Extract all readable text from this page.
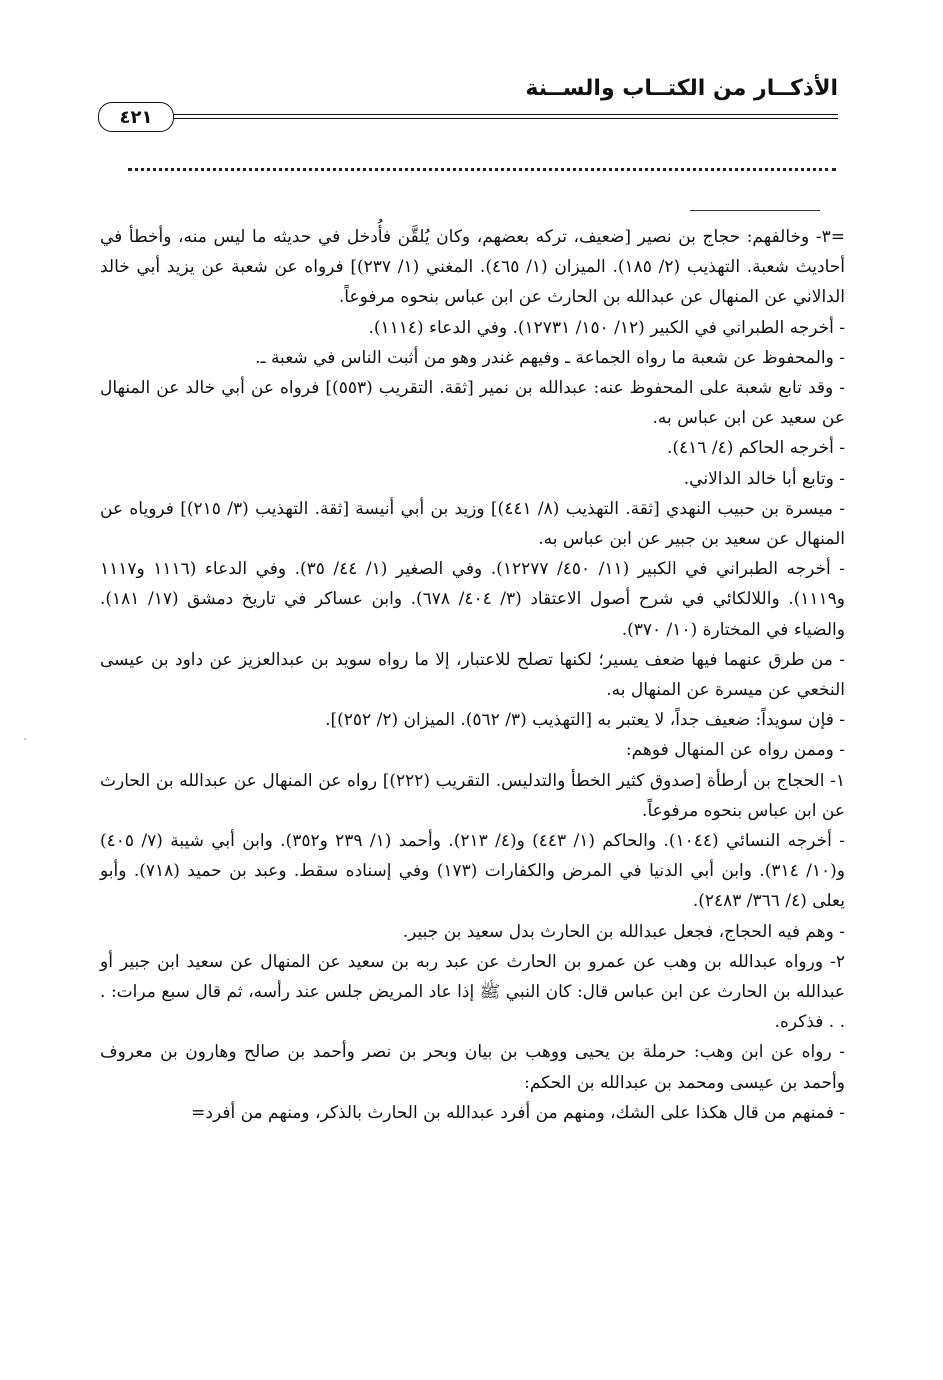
الأذكــار من الكتــاب والســنة
٤٢١

=٣- وخالفهم: حجاج بن نصير [ضعيف، تركه بعضهم، وكان يُلقَّن فأُدخل في حديثه ما ليس منه، وأخطأ في أحاديث شعبة. التهذيب (٢/ ١٨٥). الميزان (١/ ٤٦٥). المغني (١/ ٢٣٧)] فرواه عن شعبة عن يزيد أبي خالد الدالاني عن المنهال عن عبدالله بن الحارث عن ابن عباس بنحوه مرفوعاً.

- أخرجه الطبراني في الكبير (١٢/ ١٥٠/ ١٢٧٣١). وفي الدعاء (١١١٤).

- والمحفوظ عن شعبة ما رواه الجماعة ـ وفيهم غندر وهو من أثبت الناس في شعبة ـ.

- وقد تابع شعبة على المحفوظ عنه: عبدالله بن نمير [ثقة. التقريب (٥٥٣)] فرواه عن أبي خالد عن المنهال عن سعيد عن ابن عباس به.

- أخرجه الحاكم (٤/ ٤١٦).

- وتابع أبا خالد الدالاني.

- ميسرة بن حبيب النهدي [ثقة. التهذيب (٨/ ٤٤١)] وزيد بن أبي أنيسة [ثقة. التهذيب (٣/ ٢١٥)] فروياه عن المنهال عن سعيد بن جبير عن ابن عباس به.

- أخرجه الطبراني في الكبير (١١/ ٤٥٠/ ١٢٢٧٧). وفي الصغير (١/ ٤٤/ ٣٥). وفي الدعاء (١١١٦ و١١١٧ و١١١٩). واللالكائي في شرح أصول الاعتقاد (٣/ ٤٠٤/ ٦٧٨). وابن عساكر في تاريخ دمشق (١٧/ ١٨١). والضياء في المختارة (١٠/ ٣٧٠).

- من طرق عنهما فيها ضعف يسير؛ لكنها تصلح للاعتبار، إلا ما رواه سويد بن عبدالعزيز عن داود بن عيسى النخعي عن ميسرة عن المنهال به.

- فإن سويداً: ضعيف جداً، لا يعتبر به [التهذيب (٣/ ٥٦٢). الميزان (٢/ ٢٥٢)].

- وممن رواه عن المنهال فوهم:

١- الحجاج بن أرطأة [صدوق كثير الخطأ والتدليس. التقريب (٢٢٢)] رواه عن المنهال عن عبدالله بن الحارث عن ابن عباس بنحوه مرفوعاً.

- أخرجه النسائي (١٠٤٤). والحاكم (١/ ٤٤٣) و(٤/ ٢١٣). وأحمد (١/ ٢٣٩ و٣٥٢). وابن أبي شيبة (٧/ ٤٠٥) و(١٠/ ٣١٤). وابن أبي الدنيا في المرض والكفارات (١٧٣) وفي إسناده سقط. وعبد بن حميد (٧١٨). وأبو يعلى (٤/ ٣٦٦/ ٢٤٨٣).

- وهم فيه الحجاج، فجعل عبدالله بن الحارث بدل سعيد بن جبير.

٢- ورواه عبدالله بن وهب عن عمرو بن الحارث عن عبد ربه بن سعيد عن المنهال عن سعيد ابن جبير أو عبدالله بن الحارث عن ابن عباس قال: كان النبي ﷺ إذا عاد المريض جلس عند رأسه، ثم قال سبع مرات: . . . فذكره.

- رواه عن ابن وهب: حرملة بن يحيى ووهب بن بيان وبحر بن نصر وأحمد بن صالح وهارون بن معروف وأحمد بن عيسى ومحمد بن عبدالله بن الحكم:

- فمنهم من قال هكذا على الشك، ومنهم من أفرد عبدالله بن الحارث بالذكر، ومنهم من أفرد=
